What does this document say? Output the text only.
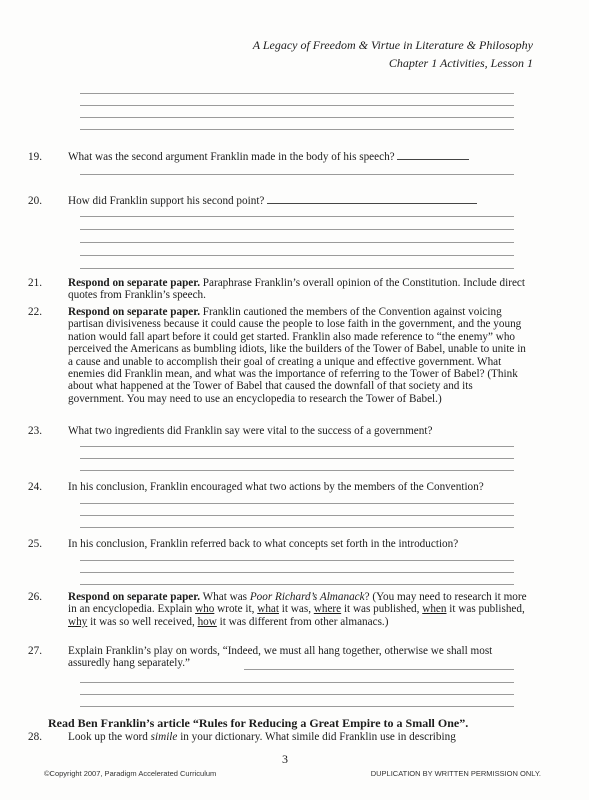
A Legacy of Freedom & Virtue in Literature & Philosophy
Chapter 1 Activities, Lesson 1
19. What was the second argument Franklin made in the body of his speech?
20. How did Franklin support his second point?
21. Respond on separate paper. Paraphrase Franklin’s overall opinion of the Constitution. Include direct quotes from Franklin’s speech.
22. Respond on separate paper. Franklin cautioned the members of the Convention against voicing partisan divisiveness because it could cause the people to lose faith in the government, and the young nation would fall apart before it could get started. Franklin also made reference to “the enemy” who perceived the Americans as bumbling idiots, like the builders of the Tower of Babel, unable to unite in a cause and unable to accomplish their goal of creating a unique and effective government. What enemies did Franklin mean, and what was the importance of referring to the Tower of Babel? (Think about what happened at the Tower of Babel that caused the downfall of that society and its government. You may need to use an encyclopedia to research the Tower of Babel.)
23. What two ingredients did Franklin say were vital to the success of a government?
24. In his conclusion, Franklin encouraged what two actions by the members of the Convention?
25. In his conclusion, Franklin referred back to what concepts set forth in the introduction?
26. Respond on separate paper. What was Poor Richard’s Almanack? (You may need to research it more in an encyclopedia. Explain who wrote it, what it was, where it was published, when it was published, why it was so well received, how it was different from other almanacs.)
27. Explain Franklin’s play on words, “Indeed, we must all hang together, otherwise we shall most assuredly hang separately.”
Read Ben Franklin’s article “Rules for Reducing a Great Empire to a Small One”.
28. Look up the word simile in your dictionary. What simile did Franklin use in describing
3
©Copyright 2007, Paradigm Accelerated Curriculum	DUPLICATION BY WRITTEN PERMISSION ONLY.
